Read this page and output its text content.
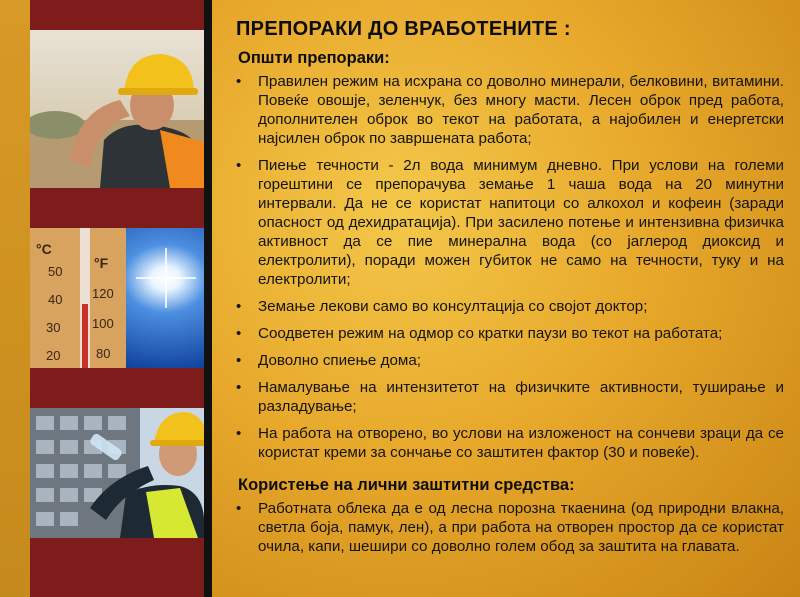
°C
°F
50
40
30
20
120
100
80
ПРЕПОРАКИ ДО ВРАБОТЕНИТЕ :
Општи препораки:
• Правилен режим на исхрана со доволно минерали, белковини, витамини. Повеќе овошје, зеленчук, без многу масти. Лесен оброк пред работа, дополнителен оброк во текот на работата, а најобилен и енергетски најсилен оброк по завршената работа;
• Пиење течности - 2л вода минимум дневно. При услови на големи горештини се препорачува земање 1 чаша вода на 20 минутни интервали. Да не се користат напитоци со алкохол и кофеин (заради опасност од дехидратација). При засилено потење и интензивна физичка активност да се пие минерална вода (со јаглерод диоксид и електролити), поради можен губиток не само на течности, туку и на електролити;
• Земање лекови само во консултација со својот доктор;
• Соодветен режим на одмор со кратки паузи во текот на работата;
• Доволно спиење дома;
• Намалување на интензитетот на физичките активности, туширање и разладување;
• На работа на отворено, во услови на изложеност на сончеви зраци да се користат креми за сончање со заштитен фактор (30 и повеќе).
Користење на лични заштитни средства:
• Работната облека да е од лесна порозна ткаенина (од природни влакна, светла боја, памук, лен), а при работа на отворен простор да се користат очила, капи, шешири со доволно голем обод за заштита на главата.
